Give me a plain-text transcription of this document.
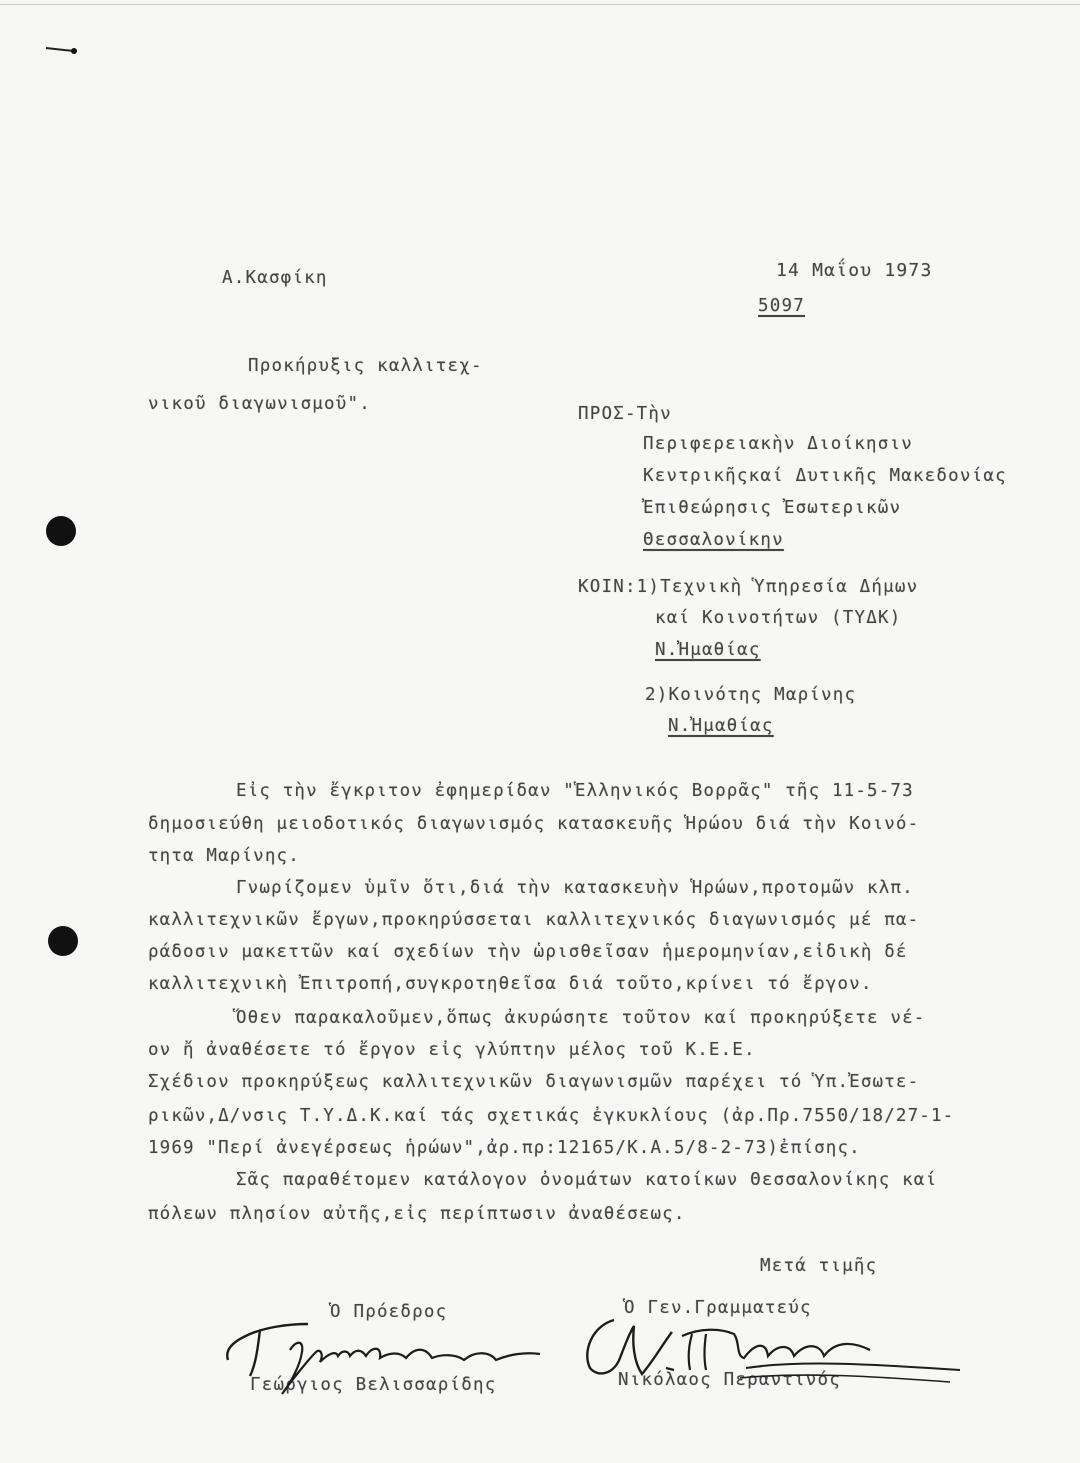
Α.Κασφίκη	14 Μαΐου 1973
5097
Προκήρυξις καλλιτεχ-
νικοῦ διαγωνισμοῦ".	ΠΡΟΣ-Τὴν
Περιφερειακὴν Διοίκησιν
Κεντρικῆςκαί Δυτικῆς Μακεδονίας
Ἐπιθεώρησις Ἐσωτερικῶν
Θεσσαλονίκην
ΚΟΙΝ:1)Τεχνικὴ Ὑπηρεσία Δήμων
καί Κοινοτήτων (ΤΥΔΚ)
Ν.Ἠμαθίας
2)Κοινότης Μαρίνης
Ν.Ἠμαθίας
Εἰς τὴν ἔγκριτον ἐφημερίδαν "Ἑλληνικός Βορρᾶς" τῆς 11-5-73
δημοσιεύθη μειοδοτικός διαγωνισμός κατασκευῆς Ἡρώου διά τὴν Κοινό-
τητα Μαρίνης.
Γνωρίζομεν ὑμῖν ὅτι,διά τὴν κατασκευὴν Ἡρώων,προτομῶν κλπ.
καλλιτεχνικῶν ἔργων,προκηρύσσεται καλλιτεχνικός διαγωνισμός μέ πα-
ράδοσιν μακεττῶν καί σχεδίων τὴν ὡρισθεῖσαν ἡμερομηνίαν,εἰδικὴ δέ
καλλιτεχνικὴ Ἐπιτροπή,συγκροτηθεῖσα διά τοῦτο,κρίνει τό ἔργον.
Ὅθεν παρακαλοῦμεν,ὅπως ἀκυρώσητε τοῦτον καί προκηρύξετε νέ-
ον ἤ ἀναθέσετε τό ἔργον εἰς γλύπτην μέλος τοῦ Κ.Ε.Ε.
Σχέδιον προκηρύξεως καλλιτεχνικῶν διαγωνισμῶν παρέχει τό Ὑπ.Ἐσωτε-
ρικῶν,Δ/νσις Τ.Υ.Δ.Κ.καί τάς σχετικάς ἐγκυκλίους (ἀρ.Πρ.7550/18/27-1-
1969 "Περί ἀνεγέρσεως ἡρώων",ἀρ.πρ:12165/Κ.Α.5/8-2-73)ἐπίσης.
Σᾶς παραθέτομεν κατάλογον ὀνομάτων κατοίκων Θεσσαλονίκης καί
πόλεων πλησίον αὐτῆς,εἰς περίπτωσιν ἀναθέσεως.
Μετά τιμῆς
Ὁ Πρόεδρος	Ὁ Γεν.Γραμματεύς
Γεώργιος Βελισσαρίδης	Νικόλαος Περαντινός
